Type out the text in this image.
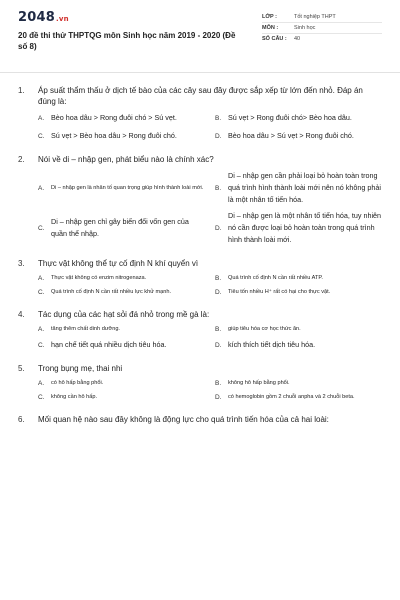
2048.vn
20 đề thi thử THPTQG môn Sinh học năm 2019 - 2020 (Đề số 8)
LỚP :	Tốt nghiệp THPT
MÔN :	Sinh học
SỐ CÂU :	40
1.	Áp suất thẩm thấu ở dịch tế bào của các cây sau đây được sắp xếp từ lớn đến nhỏ. Đáp án đúng là:
A. Bèo hoa dâu > Rong đuôi chó > Sú vẹt.	B. Sú vẹt > Rong đuôi chó> Bèo hoa dâu.
C. Sú vẹt > Bèo hoa dâu > Rong đuôi chó.	D. Bèo hoa dâu > Sú vẹt > Rong đuôi chó.
2.	Nói về di – nhập gen, phát biểu nào là chính xác?
A.	Di – nhập gen là nhân tố quan trọng giúp hình thành loài mới. B.
Di – nhập gen cần phải loại bỏ hoàn toàn trong quá trình hình thành loài mới nên nó không phải là một nhân tố tiến hóa.
C.
Di – nhập gen chỉ gây biến đổi vốn gen của quần thể nhập.
D.
Di – nhập gen là một nhân tố tiến hóa, tuy nhiên nó cần được loại bỏ hoàn toàn trong quá trình hình thành loài mới.
3.	Thực vật không thể tự cố định N khí quyển vì
A.	Thực vật không có enzim nitrogenaza.	B.	Quá trình cố định N cần rất nhiều ATP.
C.	Quá trình cố định N cần rất nhiều lực khử mạnh.	D.	Tiêu tốn nhiều H⁺ rất có hại cho thực vật.
4.	Tác dụng của các hạt sỏi đá nhỏ trong mề gà là:
A.	tăng thêm chất dinh dưỡng.	B.	giúp tiêu hóa cơ học thức ăn.
C. hạn chế tiết quá nhiều dịch tiêu hóa.	D. kích thích tiết dịch tiêu hóa.
5.	Trong bụng mẹ, thai nhi
A.	có hô hấp bằng phổi.	B.	không hô hấp bằng phổi.
C.	không cần hô hấp.	D.	có hemoglobin gồm 2 chuỗi anpha và 2 chuỗi beta.
6.	Mối quan hệ nào sau đây không là động lực cho quá trình tiến hóa của cả hai loài:
